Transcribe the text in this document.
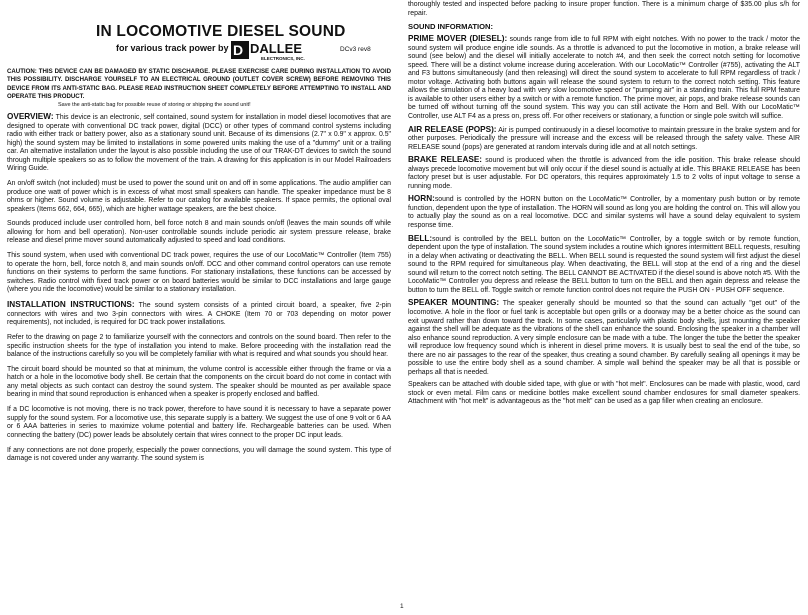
IN LOCOMOTIVE DIESEL SOUND
for various track power by D DALLEE
ELECTRONICS, INC.
DCv3 rev8
CAUTION: THIS DEVICE CAN BE DAMAGED BY STATIC DISCHARGE. PLEASE EXERCISE CARE DURING INSTALLATION TO AVOID THIS POSSIBILITY. DISCHARGE YOURSELF TO AN ELECTRICAL GROUND (OUTLET COVER SCREW) BEFORE REMOVING THIS DEVICE FROM ITS ANTI-STATIC BAG. PLEASE READ INSTRUCTION SHEET COMPLETELY BEFORE ATTEMPTING TO INSTALL AND OPERATE THIS PRODUCT.
Save the anti-static bag for possible reuse of storing or shipping the sound unit!

OVERVIEW: This device is an electronic, self contained, sound system for installation in model diesel locomotives that are designed to operate with conventional DC track power, digital (DCC) or other types of command control systems including radio with either track or battery power, also as a stationary sound unit. Because of its dimensions (2.7" x 0.9" x approx. 0.5" high) the sound system may be limited to installations in some powered units making the use of a "dummy" unit or a trailing car. An alternative installation under the layout is also possible including the use of our TRAK-DT devices to switch the sound through multiple speakers so as to follow the movement of the train. A drawing for this application is in our Model Railroaders Wiring Guide.

An on/off switch (not included) must be used to power the sound unit on and off in some applications. The audio amplifier can produce one watt of power which is in excess of what most small speakers can handle. The speaker impedance must be 8 ohms or higher. Sound volume is adjustable. Refer to our catalog for available speakers. If space permits, the optional oval speakers (Items 662, 664, 665), which are higher wattage speakers, are the best choice.

Sounds produced include user controlled horn, bell force notch 8 and main sounds on/off (leaves the main sounds off while allowing for horn and bell operation). Non-user controllable sounds include periodic air system pressure release, brake release and diesel prime mover sound automatically adjusted to speed and load conditions.

This sound system, when used with conventional DC track power, requires the use of our LocoMatic™ Controller (Item 755) to operate the horn, bell, force notch 8, and main sounds on/off. DCC and other command control operators can use remote functions on their systems to perform the same functions. For stationary installations, these functions can be accessed by switches. Radio control with fixed track power or on board batteries would be similar to DCC installations and large gauge (where you ride the locomotive) would be similar to a stationary installation.

INSTALLATION INSTRUCTIONS: The sound system consists of a printed circuit board, a speaker, five 2-pin connectors with wires and two 3-pin connectors with wires. A CHOKE (Item 70 or 703 depending on motor power requirements), not included, is required for DC track power installations.

Refer to the drawing on page 2 to familiarize yourself with the connectors and controls on the sound board. Then refer to the specific instruction sheets for the type of installation you intend to make. Before proceeding with the installation read the balance of the instructions carefully so you will be completely familiar with what is required and what sounds you should hear.

The circuit board should be mounted so that at minimum, the volume control is accessible either through the frame or via a hatch or a hole in the locomotive body shell. Be certain that the components on the circuit board do not come in contact with any metal objects as such contact can destroy the sound system. The speaker should be mounted as per available space bearing in mind that sound reproduction is enhanced when a speaker is properly enclosed and baffled.

If a DC locomotive is not moving, there is no track power, therefore to have sound it is necessary to have a separate power supply for the sound system. For a locomotive use, this separate supply is a battery. We suggest the use of one 9 volt or 6 AA or 6 AAA batteries in series to maximize volume potential and battery life. Rechargeable batteries can be used. When connecting the battery (DC) power leads be absolutely certain that wires connect to the proper DC input leads.

If any connections are not done properly, especially the power connections, you will damage the sound system. This type of damage is not covered under any warranty. The sound system is

thoroughly tested and inspected before packing to insure proper function. There is a minimum charge of $35.00 plus s/h for repair.

SOUND INFORMATION:

PRIME MOVER (DIESEL): sounds range from idle to full RPM with eight notches. With no power to the track / motor the sound system will produce engine idle sounds. As a throttle is advanced to put the locomotive in motion, a brake release will sound (see below) and the diesel will initially accelerate to notch #4, and then seek the correct notch setting for locomotive speed. There will be a distinct volume increase during acceleration. With our LocoMatic™ Controller (#755), activating the ALT and F3 buttons simultaneously (and then releasing) will direct the sound system to accelerate to full RPM regardless of track / motor voltage. Activating both buttons again will release the sound system to return to the correct notch setting. This feature allows the simulation of a heavy load with very slow locomotive speed or "pumping air" in a standing train. This full RPM feature is available to other users either by a switch or with a remote function. The prime mover, air pops, and brake release sounds can be turned off without turning off the sound system. This way you can still activate the Horn and Bell. With our LocoMatic™ Controller, use ALT F4 as a press on, press off. For other receivers or stationary, a function or single pole switch will suffice.

AIR RELEASE (POPS): Air is pumped continuously in a diesel locomotive to maintain pressure in the brake system and for other purposes. Periodically the pressure will increase and the excess will be released through the safety valve. These AIR RELEASE sound (pops) are generated at random intervals during idle and at all notch settings.

BRAKE RELEASE: sound is produced when the throttle is advanced from the idle position. This brake release should always precede locomotive movement but will only occur if the diesel sound is actually at idle. This BRAKE RELEASE has been factory preset but is user adjustable. For DC operators, this requires approximately 1.5 to 2 volts of input voltage to sense a running mode.

HORN:sound is controlled by the HORN button on the LocoMatic™ Controller, by a momentary push button or by remote function, dependent upon the type of installation. The HORN will sound as long you are holding the control on. This will allow you to actually play the sound as on a real locomotive. DCC and similar systems will have a sound delay equivalent to system response time.

BELL:sound is controlled by the BELL button on the LocoMatic™ Controller, by a toggle switch or by remote function, dependent upon the type of installation. The sound system includes a routine which ignores intermittent BELL requests, resulting in a delay when activating or deactivating the BELL. When BELL sound is requested the sound system will first adjust the diesel sound to the RPM required for simultaneous play. When deactivating, the BELL will stop at the end of a ring and the diesel sound will return to the correct notch setting. The BELL CANNOT BE ACTIVATED if the diesel sound is above notch #5. With the LocoMatic™ Controller you depress and release the BELL button to turn on the BELL and then again depress and release the button to turn the BELL off. Toggle switch or remote function control does not require the PUSH ON - PUSH OFF sequence.

SPEAKER MOUNTING: The speaker generally should be mounted so that the sound can actually "get out" of the locomotive. A hole in the floor or fuel tank is acceptable but open grills or a doorway may be a better choice as the sound can exit upward rather than down toward the track. In some cases, particularly with plastic body shells, just mounting the speaker against the shell will be adequate as the vibrations of the shell can enhance the sound. Enclosing the speaker in a chamber will also enhance sound reproduction. A very simple enclosure can be made with a tube. The longer the tube the better the speaker will reproduce low frequency sound which is inherent in diesel prime movers. It is usually best to seal the end of the tube, so there are no air passages to the rear of the speaker, thus creating a sound chamber. By carefully sealing all openings it may be possible to use the entire body shell as a sound chamber. A simple wall behind the speaker may be all that is possible or perhaps all that is needed.

Speakers can be attached with double sided tape, with glue or with "hot melt". Enclosures can be made with plastic, wood, card stock or even metal. Film cans or medicine bottles make excellent sound chamber enclosures for small diameter speakers. Attachment with "hot melt" is advantageous as the "hot melt" can be used as a gap filler when creating an enclosure.

1
